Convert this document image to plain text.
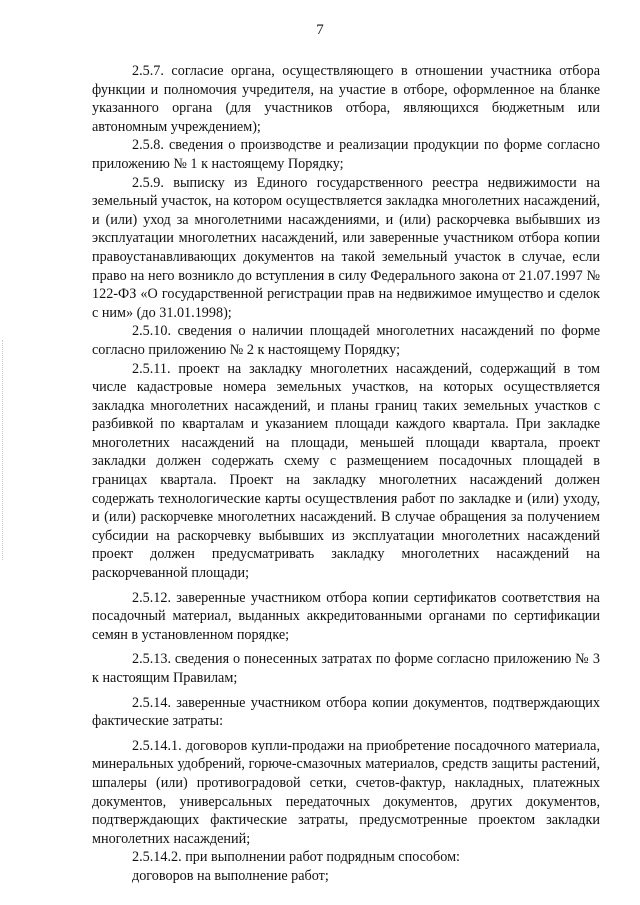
7

2.5.7. согласие органа, осуществляющего в отношении участника отбора функции и полномочия учредителя, на участие в отборе, оформленное на бланке указанного органа (для участников отбора, являющихся бюджетным или автономным учреждением);

2.5.8. сведения о производстве и реализации продукции по форме согласно приложению № 1 к настоящему Порядку;

2.5.9. выписку из Единого государственного реестра недвижимости на земельный участок, на котором осуществляется закладка многолетних насаждений, и (или) уход за многолетними насаждениями, и (или) раскорчевка выбывших из эксплуатации многолетних насаждений, или заверенные участником отбора копии правоустанавливающих документов на такой земельный участок в случае, если право на него возникло до вступления в силу Федерального закона от 21.07.1997 № 122-ФЗ «О государственной регистрации прав на недвижимое имущество и сделок с ним» (до 31.01.1998);

2.5.10. сведения о наличии площадей многолетних насаждений по форме согласно приложению № 2 к настоящему Порядку;

2.5.11. проект на закладку многолетних насаждений, содержащий в том числе кадастровые номера земельных участков, на которых осуществляется закладка многолетних насаждений, и планы границ таких земельных участков с разбивкой по кварталам и указанием площади каждого квартала. При закладке многолетних насаждений на площади, меньшей площади квартала, проект закладки должен содержать схему с размещением посадочных площадей в границах квартала. Проект на закладку многолетних насаждений должен содержать технологические карты осуществления работ по закладке и (или) уходу, и (или) раскорчевке многолетних насаждений. В случае обращения за получением субсидии на раскорчевку выбывших из эксплуатации многолетних насаждений проект должен предусматривать закладку многолетних насаждений на раскорчеванной площади;

2.5.12. заверенные участником отбора копии сертификатов соответствия на посадочный материал, выданных аккредитованными органами по сертификации семян в установленном порядке;

2.5.13. сведения о понесенных затратах по форме согласно приложению № 3 к настоящим Правилам;

2.5.14. заверенные участником отбора копии документов, подтверждающих фактические затраты:

2.5.14.1. договоров купли-продажи на приобретение посадочного материала, минеральных удобрений, горюче-смазочных материалов, средств защиты растений, шпалеры (или) противоградовой сетки, счетов-фактур, накладных, платежных документов, универсальных передаточных документов, других документов, подтверждающих фактические затраты, предусмотренные проектом закладки многолетних насаждений;

2.5.14.2. при выполнении работ подрядным способом:

договоров на выполнение работ;
